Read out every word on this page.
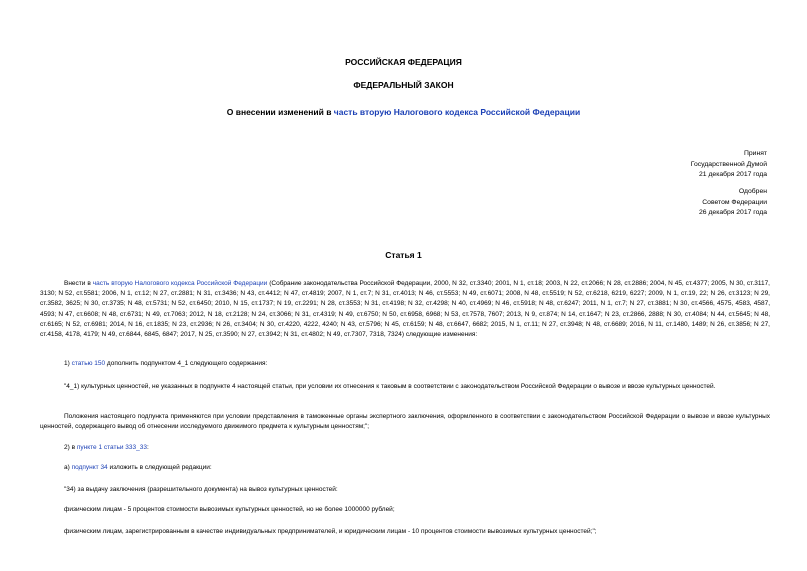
РОССИЙСКАЯ ФЕДЕРАЦИЯ
ФЕДЕРАЛЬНЫЙ ЗАКОН
О внесении изменений в часть вторую Налогового кодекса Российской Федерации
Принят
Государственной Думой
21 декабря 2017 года
Одобрен
Советом Федерации
26 декабря 2017 года
Статья 1
Внести в часть вторую Налогового кодекса Российской Федерации (Собрание законодательства Российской Федерации, 2000, N 32, ст.3340; 2001, N 1, ст.18; 2003, N 22, ст.2066; N 28, ст.2886; 2004, N 45, ст.4377; 2005, N 30, ст.3117, 3130; N 52, ст.5581; 2006, N 1, ст.12; N 27, ст.2881; N 31, ст.3436; N 43, ст.4412; N 47, ст.4819; 2007, N 1, ст.7; N 31, ст.4013; N 46, ст.5553; N 49, ст.6071; 2008, N 48, ст.5519; N 52, ст.6218, 6219, 6227; 2009, N 1, ст.19, 22; N 26, ст.3123; N 29, ст.3582, 3625; N 30, ст.3735; N 48, ст.5731; N 52, ст.6450; 2010, N 15, ст.1737; N 19, ст.2291; N 28, ст.3553; N 31, ст.4198; N 32, ст.4298; N 40, ст.4969; N 46, ст.5918; N 48, ст.6247; 2011, N 1, ст.7; N 27, ст.3881; N 30, ст.4566, 4575, 4583, 4587, 4593; N 47, ст.6608; N 48, ст.6731; N 49, ст.7063; 2012, N 18, ст.2128; N 24, ст.3066; N 31, ст.4319; N 49, ст.6750; N 50, ст.6958, 6968; N 53, ст.7578, 7607; 2013, N 9, ст.874; N 14, ст.1647; N 23, ст.2866, 2888; N 30, ст.4084; N 44, ст.5645; N 48, ст.6165; N 52, ст.6981; 2014, N 16, ст.1835; N 23, ст.2936; N 26, ст.3404; N 30, ст.4220, 4222, 4240; N 43, ст.5796; N 45, ст.6159; N 48, ст.6647, 6682; 2015, N 1, ст.11; N 27, ст.3948; N 48, ст.6689; 2016, N 11, ст.1480, 1489; N 26, ст.3856; N 27, ст.4158, 4178, 4179; N 49, ст.6844, 6845, 6847; 2017, N 25, ст.3590; N 27, ст.3942; N 31, ст.4802; N 49, ст.7307, 7318, 7324) следующие изменения:
1) статью 150 дополнить подпунктом 4_1 следующего содержания:
"4_1) культурных ценностей, не указанных в подпункте 4 настоящей статьи, при условии их отнесения к таковым в соответствии с законодательством Российской Федерации о вывозе и ввозе культурных ценностей.
Положения настоящего подпункта применяются при условии представления в таможенные органы экспертного заключения, оформленного в соответствии с законодательством Российской Федерации о вывозе и ввозе культурных ценностей, содержащего вывод об отнесении исследуемого движимого предмета к культурным ценностям;";
2) в пункте 1 статьи 333_33:
а) подпункт 34 изложить в следующей редакции:
"34) за выдачу заключения (разрешительного документа) на вывоз культурных ценностей:
физическим лицам - 5 процентов стоимости вывозимых культурных ценностей, но не более 1000000 рублей;
физическим лицам, зарегистрированным в качестве индивидуальных предпринимателей, и юридическим лицам - 10 процентов стоимости вывозимых культурных ценностей;";
